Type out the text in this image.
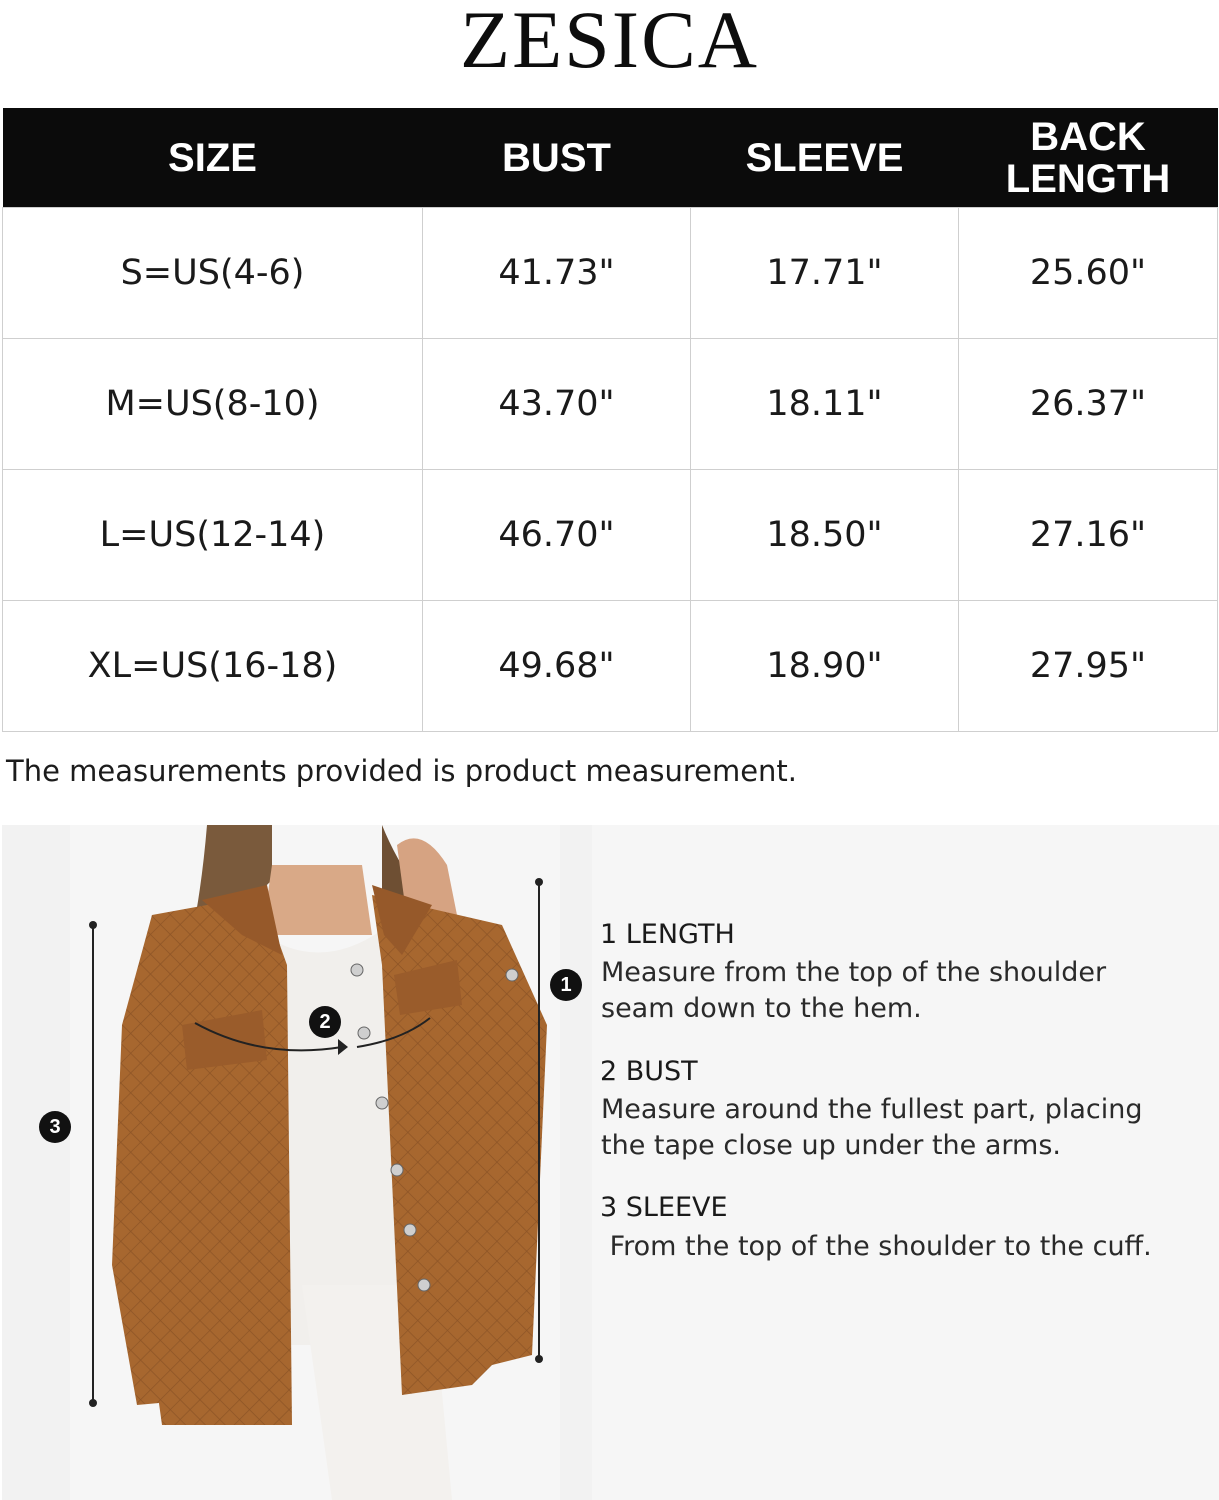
ZESICA
SIZE	BUST	SLEEVE	BACK LENGTH
S=US(4-6)	41.73"	17.71"	25.60"
M=US(8-10)	43.70"	18.11"	26.37"
L=US(12-14)	46.70"	18.50"	27.16"
XL=US(16-18)	49.68"	18.90"	27.95"
The measurements provided is product measurement.
1
2
3
1 LENGTH
Measure from the top of the shoulder seam down to the hem.
2 BUST
Measure around the fullest part, placing the tape close up under the arms.
3 SLEEVE
From the top of the shoulder to the cuff.
